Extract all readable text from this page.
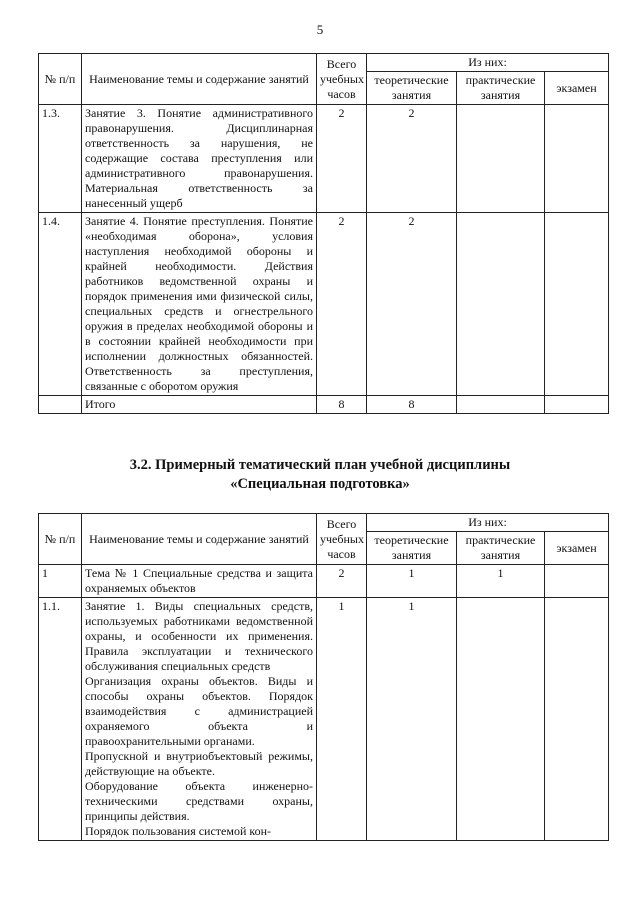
5
№ п/п	Наименование темы и содержание занятий	Всего учебных часов	Из них:		
			теоретические занятия	практические занятия	экзамен
1.3.	Занятие 3. Понятие административного правонарушения. Дисциплинарная ответственность за нарушения, не содержащие состава преступления или административного правонарушения. Материальная ответственность за нанесенный ущерб	2	2		
1.4.	Занятие 4. Понятие преступления. Понятие «необходимая оборона», условия наступления необходимой обороны и крайней необходимости. Действия работников ведомственной охраны и порядок применения ими физической силы, специальных средств и огнестрельного оружия в пределах необходимой обороны и в состоянии крайней необходимости при исполнении должностных обязанностей. Ответственность за преступления, связанные с оборотом оружия	2	2		
	Итого	8	8		
3.2. Примерный тематический план учебной дисциплины
«Специальная подготовка»
№ п/п	Наименование темы и содержание занятий	Всего учебных часов	Из них:		
			теоретические занятия	практические занятия	экзамен
1	Тема № 1 Специальные средства и защита охраняемых объектов	2	1	1	
1.1.	Занятие 1. Виды специальных средств, используемых работниками ведомственной охраны, и особенности их применения. Правила эксплуатации и технического обслуживания специальных средств
Организация охраны объектов. Виды и способы охраны объектов. Порядок взаимодействия с администрацией охраняемого объекта и правоохранительными органами.
Пропускной и внутриобъектовый режимы, действующие на объекте.
Оборудование объекта инженерно-техническими средствами охраны, принципы действия.
Порядок пользования системой кон-	1	1		
